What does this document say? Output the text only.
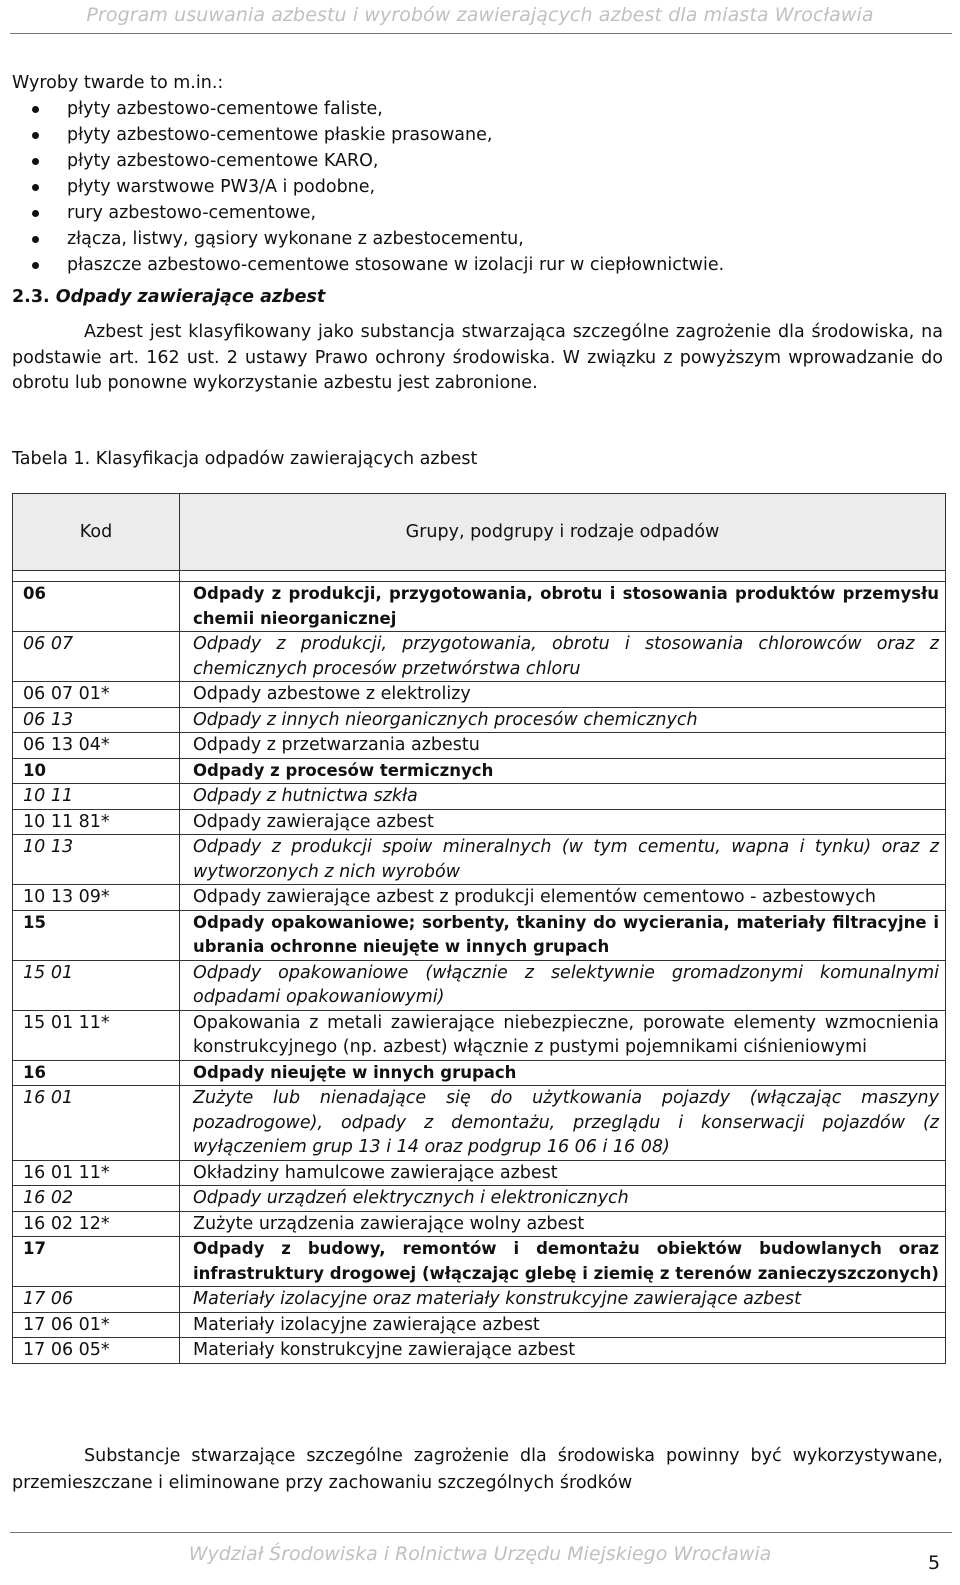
Program usuwania azbestu i wyrobów zawierających azbest dla miasta Wrocławia

Wyroby twarde to m.in.:

płyty azbestowo-cementowe faliste,
płyty azbestowo-cementowe płaskie prasowane,
płyty azbestowo-cementowe KARO,
płyty warstwowe PW3/A i podobne,
rury azbestowo-cementowe,
złącza, listwy, gąsiory wykonane z azbestocementu,
płaszcze azbestowo-cementowe stosowane w izolacji rur w ciepłownictwie.
2.3. Odpady zawierające azbest
Azbest jest klasyfikowany jako substancja stwarzająca szczególne zagrożenie dla środowiska, na podstawie art. 162 ust. 2 ustawy Prawo ochrony środowiska. W związku z powyższym wprowadzanie do obrotu lub ponowne wykorzystanie azbestu jest zabronione.
Tabela 1. Klasyfikacja odpadów zawierających azbest
Kod	Grupy, podgrupy i rodzaje odpadów

06	Odpady z produkcji, przygotowania, obrotu i stosowania produktów przemysłu chemii nieorganicznej
06 07	Odpady z produkcji, przygotowania, obrotu i stosowania chlorowców oraz z chemicznych procesów przetwórstwa chloru
06 07 01*	Odpady azbestowe z elektrolizy
06 13	Odpady z innych nieorganicznych procesów chemicznych
06 13 04*	Odpady z przetwarzania azbestu
10	Odpady z procesów termicznych
10 11	Odpady z hutnictwa szkła
10 11 81*	Odpady zawierające azbest
10 13	Odpady z produkcji spoiw mineralnych (w tym cementu, wapna i tynku) oraz z wytworzonych z nich wyrobów
10 13 09*	Odpady zawierające azbest z produkcji elementów cementowo - azbestowych
15	Odpady opakowaniowe; sorbenty, tkaniny do wycierania, materiały filtracyjne i ubrania ochronne nieujęte w innych grupach
15 01	Odpady opakowaniowe (włącznie z selektywnie gromadzonymi komunalnymi odpadami opakowaniowymi)
15 01 11*	Opakowania z metali zawierające niebezpieczne, porowate elementy wzmocnienia konstrukcyjnego (np. azbest) włącznie z pustymi pojemnikami ciśnieniowymi
16	Odpady nieujęte w innych grupach
16 01	Zużyte lub nienadające się do użytkowania pojazdy (włączając maszyny pozadrogowe), odpady z demontażu, przeglądu i konserwacji pojazdów (z wyłączeniem grup 13 i 14 oraz podgrup 16 06 i 16 08)
16 01 11*	Okładziny hamulcowe zawierające azbest
16 02	Odpady urządzeń elektrycznych i elektronicznych
16 02 12*	Zużyte urządzenia zawierające wolny azbest
17	Odpady z budowy, remontów i demontażu obiektów budowlanych oraz infrastruktury drogowej (włączając glebę i ziemię z terenów zanieczyszczonych)
17 06	Materiały izolacyjne oraz materiały konstrukcyjne zawierające azbest
17 06 01*	Materiały izolacyjne zawierające azbest
17 06 05*	Materiały konstrukcyjne zawierające azbest
Substancje stwarzające szczególne zagrożenie dla środowiska powinny być wykorzystywane, przemieszczane i eliminowane przy zachowaniu szczególnych środków
Wydział Środowiska i Rolnictwa Urzędu Miejskiego Wrocławia	5
